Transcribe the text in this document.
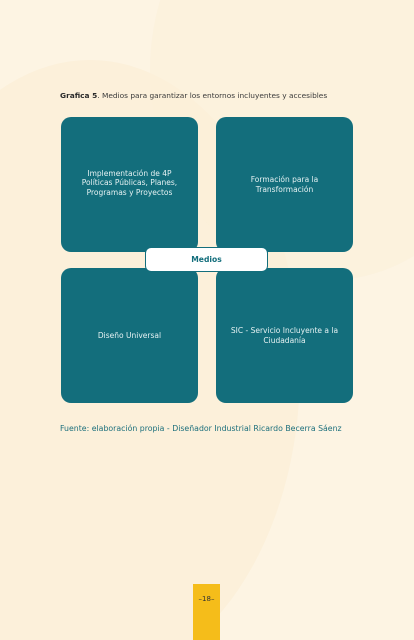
Grafica 5. Medios para garantizar los entornos incluyentes y accesibles
Implementación de 4P Políticas Públicas, Planes, Programas y Proyectos
Formación para la Transformación
Diseño Universal
SIC - Servicio Incluyente a la Ciudadanía
Medios
Fuente: elaboración propia - Diseñador Industrial Ricardo Becerra Sáenz
–18–
